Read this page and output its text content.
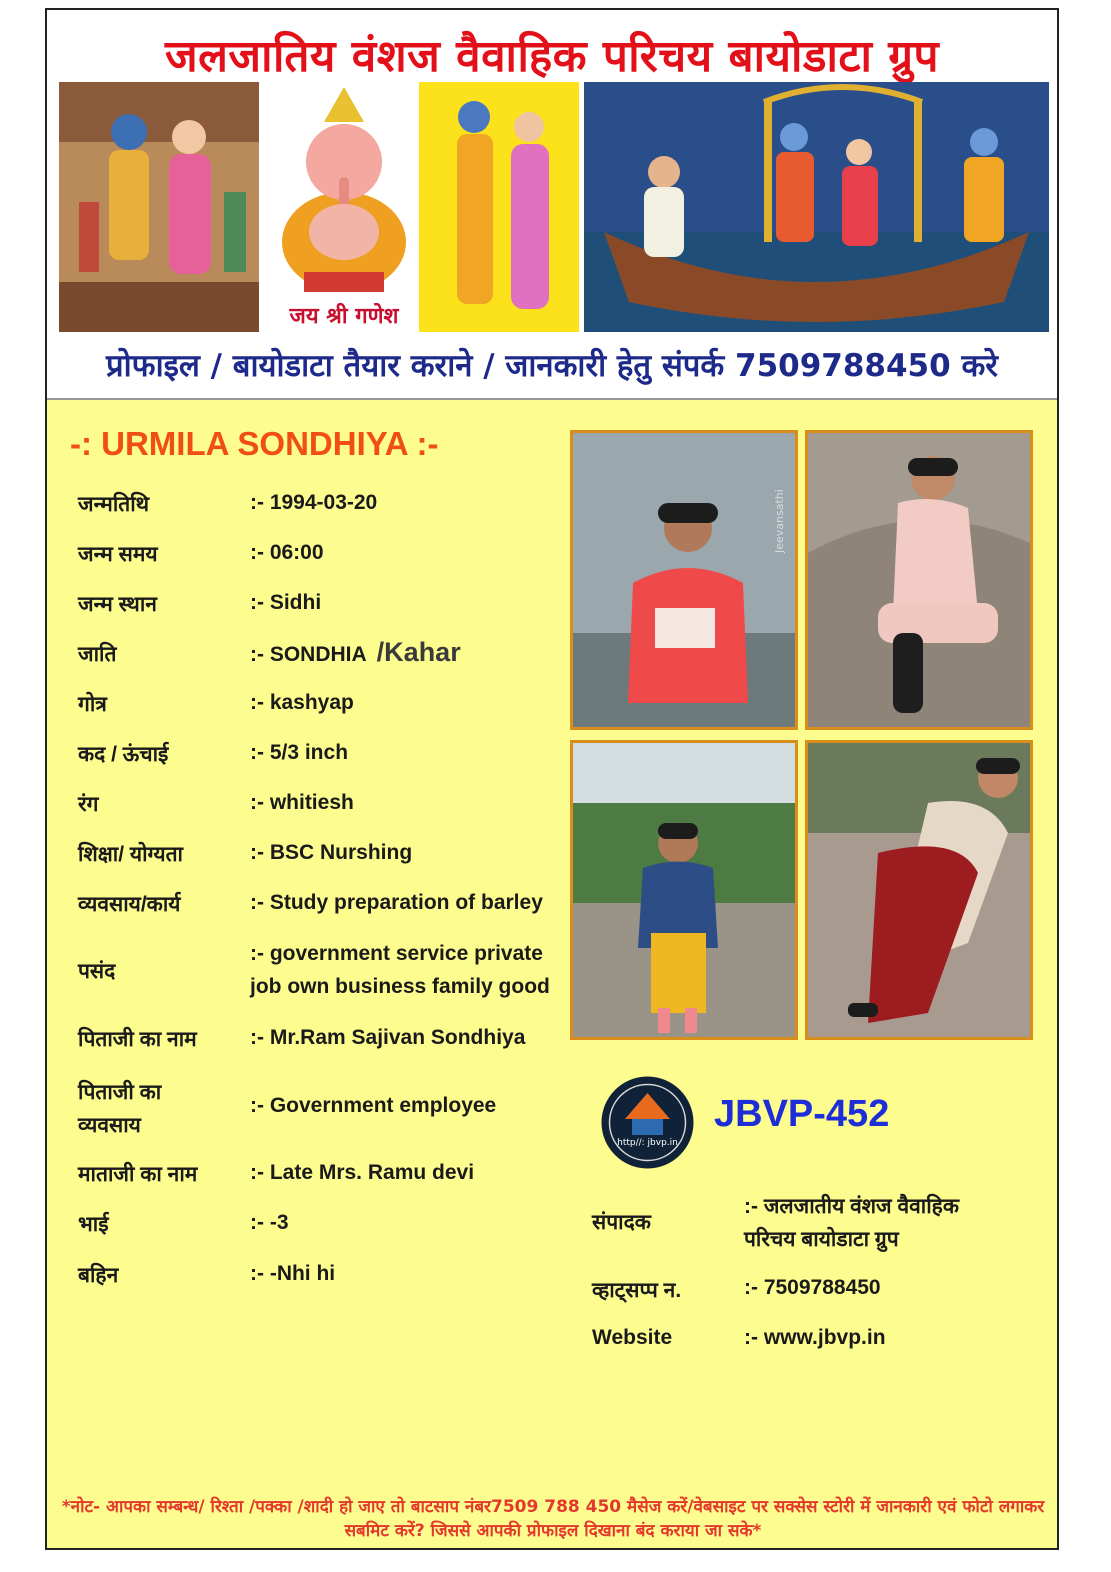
जलजातिय वंशज वैवाहिक परिचय बायोडाटा ग्रुप
जय श्री गणेश
प्रोफाइल / बायोडाटा तैयार कराने / जानकारी हेतु संपर्क 7509788450 करे
-: URMILA SONDHIYA :-
जन्मतिथि	:- 1994-03-20
जन्म समय	:- 06:00
जन्म स्थान	:- Sidhi
जाति	:- SONDHIA /Kahar
गोत्र	:- kashyap
कद / ऊंचाई	:- 5/3 inch
रंग	:- whitiesh
शिक्षा/ योग्यता	:- BSC Nurshing
व्यवसाय/कार्य	:- Study preparation of barley
पसंद
:- government service private job own business family good
पिताजी का नाम	:- Mr.Ram Sajivan Sondhiya
पिताजी का व्यवसाय
:- Government employee
माताजी का नाम	:- Late Mrs. Ramu devi
भाई	:- -3
बहिन	:- -Nhi hi
Jeevansathi
http//: jbvp.in
JBVP-452
संपादक
:- जलजातीय वंशज वैवाहिक परिचय बायोडाटा ग्रुप
व्हाट्सप्प न.	:- 7509788450
Website	:- www.jbvp.in
*नोट- आपका सम्बन्ध/ रिश्ता /पक्का /शादी हो जाए तो बाटसाप नंबर7509 788 450 मैसेज करें/वेबसाइट पर सक्सेस स्टोरी में जानकारी एवं फोटो लगाकर सबमिट करें? जिससे आपकी प्रोफाइल दिखाना बंद कराया जा सके*
